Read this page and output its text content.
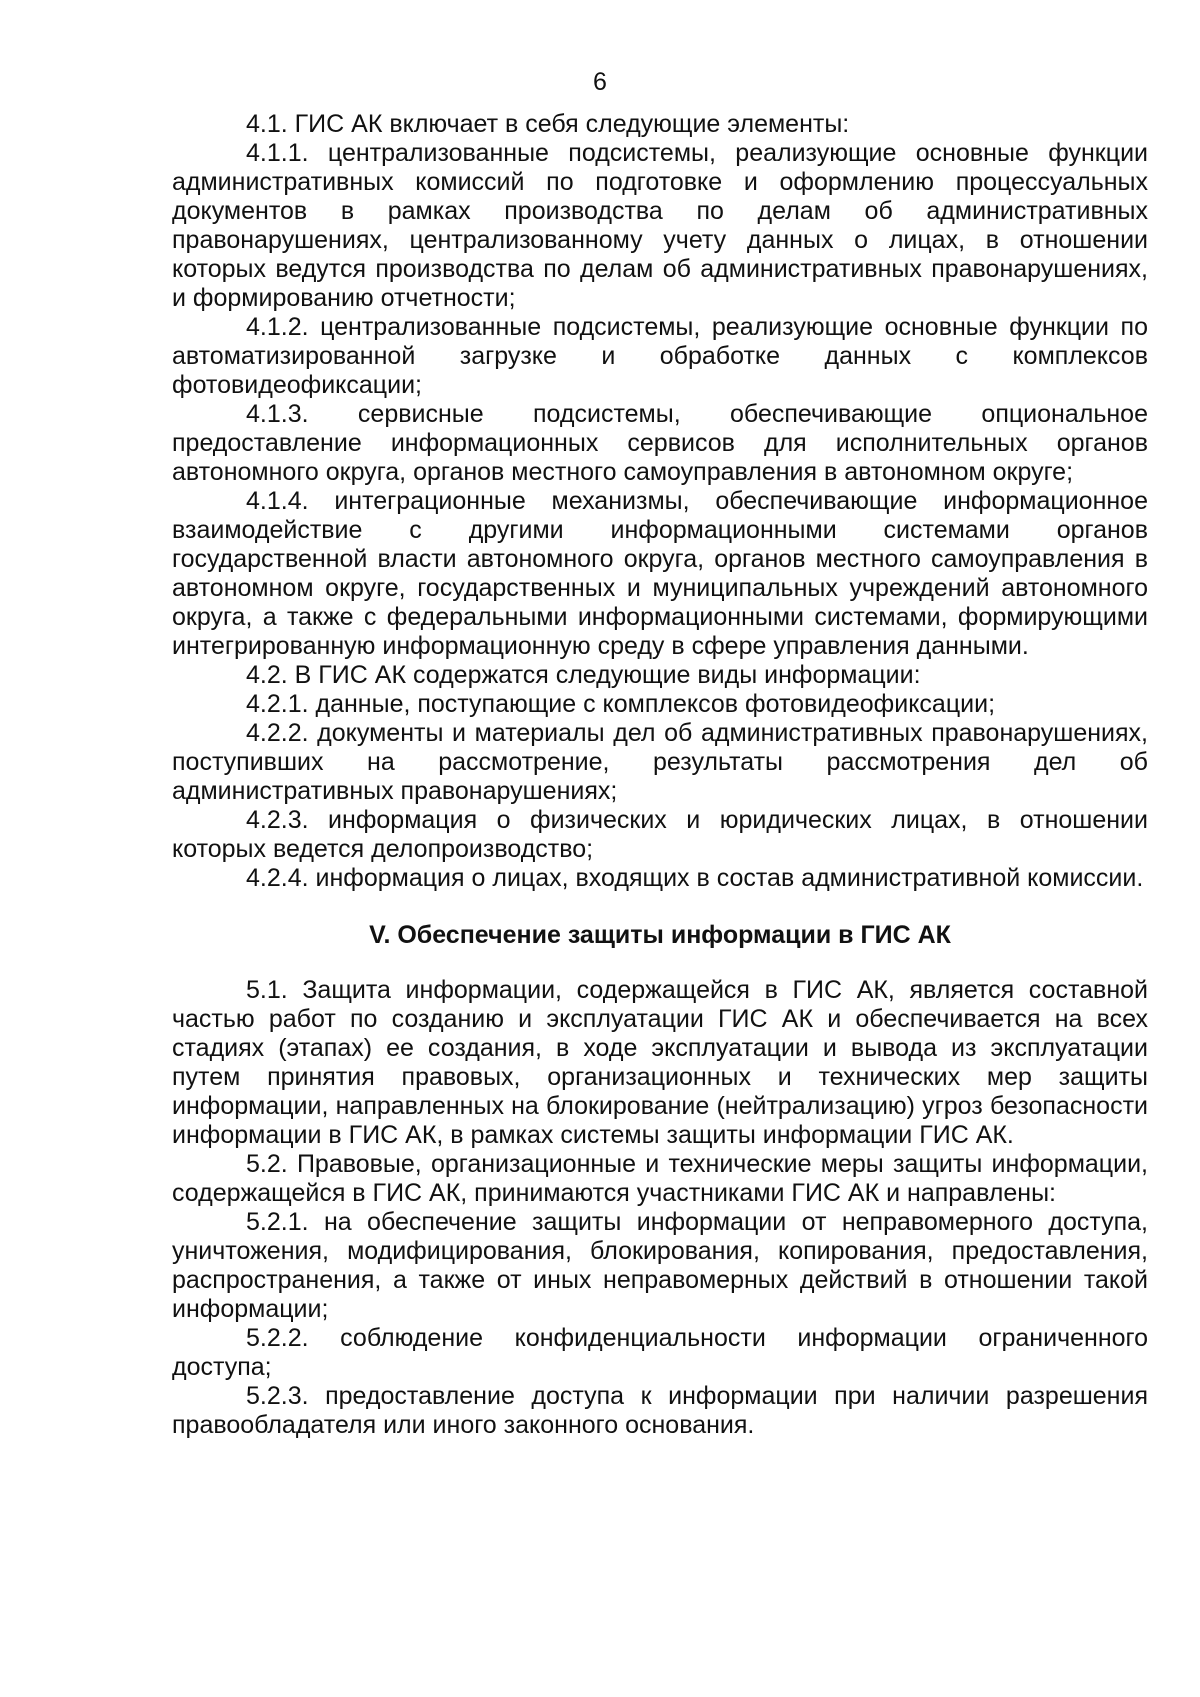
6

4.1. ГИС АК включает в себя следующие элементы:

4.1.1. централизованные подсистемы, реализующие основные функции административных комиссий по подготовке и оформлению процессуальных документов в рамках производства по делам об административных правонарушениях, централизованному учету данных о лицах, в отношении которых ведутся производства по делам об административных правонарушениях, и формированию отчетности;

4.1.2. централизованные подсистемы, реализующие основные функции по автоматизированной загрузке и обработке данных с комплексов фотовидеофиксации;

4.1.3. сервисные подсистемы, обеспечивающие опциональное предоставление информационных сервисов для исполнительных органов автономного округа, органов местного самоуправления в автономном округе;

4.1.4. интеграционные механизмы, обеспечивающие информационное взаимодействие с другими информационными системами органов государственной власти автономного округа, органов местного самоуправления в автономном округе, государственных и муниципальных учреждений автономного округа, а также с федеральными информационными системами, формирующими интегрированную информационную среду в сфере управления данными.

4.2. В ГИС АК содержатся следующие виды информации:

4.2.1. данные, поступающие с комплексов фотовидеофиксации;

4.2.2. документы и материалы дел об административных правонарушениях, поступивших на рассмотрение, результаты рассмотрения дел об административных правонарушениях;

4.2.3. информация о физических и юридических лицах, в отношении которых ведется делопроизводство;

4.2.4. информация о лицах, входящих в состав административной комиссии.

V. Обеспечение защиты информации в ГИС АК

5.1. Защита информации, содержащейся в ГИС АК, является составной частью работ по созданию и эксплуатации ГИС АК и обеспечивается на всех стадиях (этапах) ее создания, в ходе эксплуатации и вывода из эксплуатации путем принятия правовых, организационных и технических мер защиты информации, направленных на блокирование (нейтрализацию) угроз безопасности информации в ГИС АК, в рамках системы защиты информации ГИС АК.

5.2. Правовые, организационные и технические меры защиты информации, содержащейся в ГИС АК, принимаются участниками ГИС АК и направлены:

5.2.1. на обеспечение защиты информации от неправомерного доступа, уничтожения, модифицирования, блокирования, копирования, предоставления, распространения, а также от иных неправомерных действий в отношении такой информации;

5.2.2. соблюдение конфиденциальности информации ограниченного доступа;

5.2.3. предоставление доступа к информации при наличии разрешения правообладателя или иного законного основания.
